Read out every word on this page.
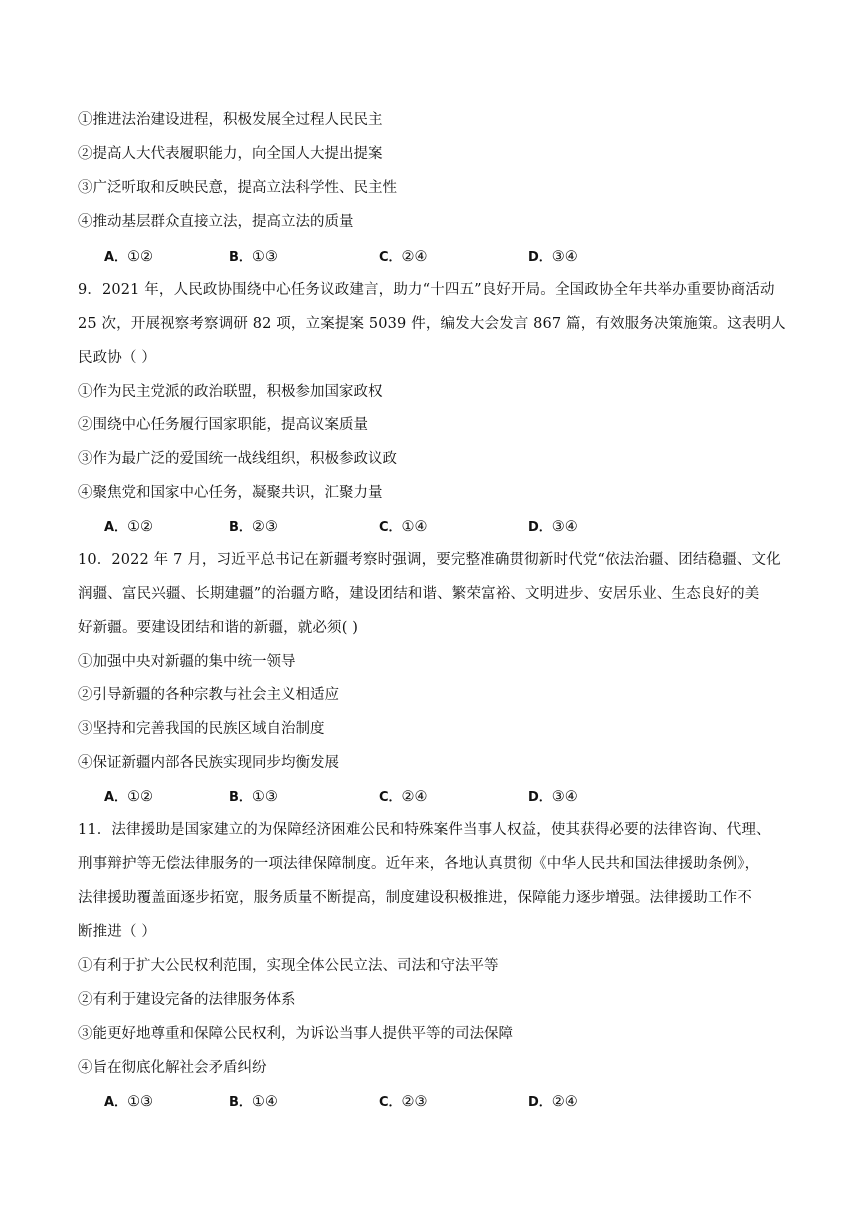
①推进法治建设进程，积极发展全过程人民民主
②提高人大代表履职能力，向全国人大提出提案
③广泛听取和反映民意，提高立法科学性、民主性
④推动基层群众直接立法，提高立法的质量
A．①②	B．①③	C．②④	D．③④
9．2021 年，人民政协围绕中心任务议政建言，助力“十四五”良好开局。全国政协全年共举办重要协商活动
25 次，开展视察考察调研 82 项，立案提案 5039 件，编发大会发言 867 篇，有效服务决策施策。这表明人
民政协（ ）
①作为民主党派的政治联盟，积极参加国家政权
②围绕中心任务履行国家职能，提高议案质量
③作为最广泛的爱国统一战线组织，积极参政议政
④聚焦党和国家中心任务，凝聚共识，汇聚力量
A．①②	B．②③	C．①④	D．③④
10．2022 年 7 月，习近平总书记在新疆考察时强调，要完整准确贯彻新时代党“依法治疆、团结稳疆、文化
润疆、富民兴疆、长期建疆”的治疆方略，建设团结和谐、繁荣富裕、文明进步、安居乐业、生态良好的美
好新疆。要建设团结和谐的新疆，就必须( )
①加强中央对新疆的集中统一领导
②引导新疆的各种宗教与社会主义相适应
③坚持和完善我国的民族区域自治制度
④保证新疆内部各民族实现同步均衡发展
A．①②	B．①③	C．②④	D．③④
11．法律援助是国家建立的为保障经济困难公民和特殊案件当事人权益，使其获得必要的法律咨询、代理、
刑事辩护等无偿法律服务的一项法律保障制度。近年来，各地认真贯彻《中华人民共和国法律援助条例》，
法律援助覆盖面逐步拓宽，服务质量不断提高，制度建设积极推进，保障能力逐步增强。法律援助工作不
断推进（ ）
①有利于扩大公民权利范围，实现全体公民立法、司法和守法平等
②有利于建设完备的法律服务体系
③能更好地尊重和保障公民权利，为诉讼当事人提供平等的司法保障
④旨在彻底化解社会矛盾纠纷
A．①③	B．①④	C．②③	D．②④
